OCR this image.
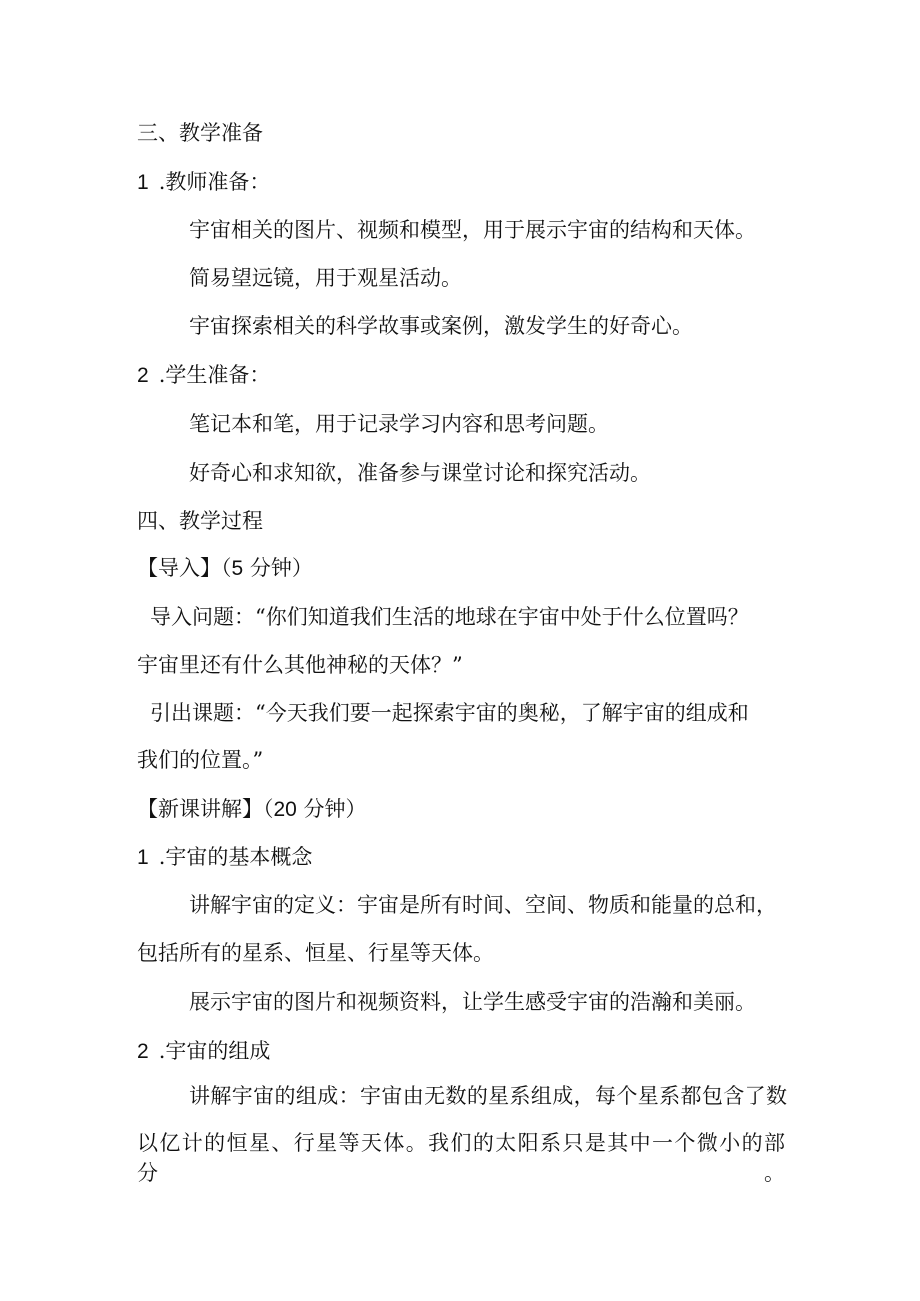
三、教学准备
1 .教师准备：
宇宙相关的图片、视频和模型，用于展示宇宙的结构和天体。
简易望远镜，用于观星活动。
宇宙探索相关的科学故事或案例，激发学生的好奇心。
2 .学生准备：
笔记本和笔，用于记录学习内容和思考问题。
好奇心和求知欲，准备参与课堂讨论和探究活动。
四、教学过程
【导入】（5 分钟）
导入问题：“你们知道我们生活的地球在宇宙中处于什么位置吗？
宇宙里还有什么其他神秘的天体？”
引出课题：“今天我们要一起探索宇宙的奥秘，了解宇宙的组成和
我们的位置。”
【新课讲解】（20 分钟）
1 .宇宙的基本概念
讲解宇宙的定义：宇宙是所有时间、空间、物质和能量的总和，
包括所有的星系、恒星、行星等天体。
展示宇宙的图片和视频资料，让学生感受宇宙的浩瀚和美丽。
2 .宇宙的组成
讲解宇宙的组成：宇宙由无数的星系组成，每个星系都包含了数
以亿计的恒星、行星等天体。我们的太阳系只是其中一个微小的部分。
